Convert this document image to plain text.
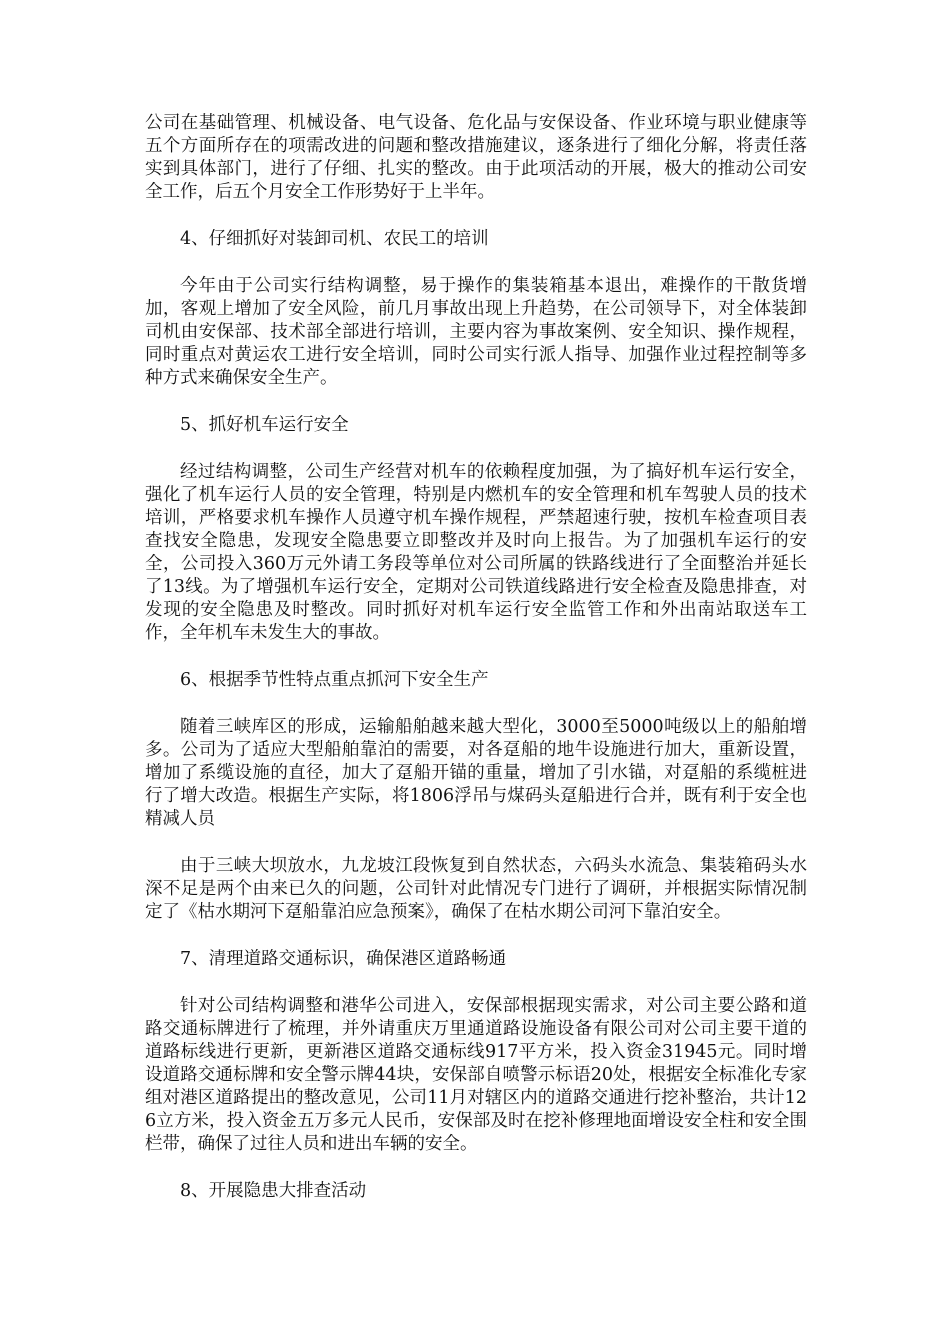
公司在基础管理、机械设备、电气设备、危化品与安保设备、作业环境与职业健康等五个方面所存在的项需改进的问题和整改措施建议，逐条进行了细化分解，将责任落实到具体部门，进行了仔细、扎实的整改。由于此项活动的开展，极大的推动公司安全工作，后五个月安全工作形势好于上半年。

4、仔细抓好对装卸司机、农民工的培训

今年由于公司实行结构调整，易于操作的集装箱基本退出，难操作的干散货增加，客观上增加了安全风险，前几月事故出现上升趋势，在公司领导下，对全体装卸司机由安保部、技术部全部进行培训，主要内容为事故案例、安全知识、操作规程，同时重点对黄运农工进行安全培训，同时公司实行派人指导、加强作业过程控制等多种方式来确保安全生产。

5、抓好机车运行安全

经过结构调整，公司生产经营对机车的依赖程度加强，为了搞好机车运行安全，强化了机车运行人员的安全管理，特别是内燃机车的安全管理和机车驾驶人员的技术培训，严格要求机车操作人员遵守机车操作规程，严禁超速行驶，按机车检查项目表查找安全隐患，发现安全隐患要立即整改并及时向上报告。为了加强机车运行的安全，公司投入360万元外请工务段等单位对公司所属的铁路线进行了全面整治并延长了13线。为了增强机车运行安全，定期对公司铁道线路进行安全检查及隐患排查，对发现的安全隐患及时整改。同时抓好对机车运行安全监管工作和外出南站取送车工作，全年机车未发生大的事故。

6、根据季节性特点重点抓河下安全生产

随着三峡库区的形成，运输船舶越来越大型化，3000至5000吨级以上的船舶增多。公司为了适应大型船舶靠泊的需要，对各趸船的地牛设施进行加大，重新设置，增加了系缆设施的直径，加大了趸船开锚的重量，增加了引水锚，对趸船的系缆桩进行了增大改造。根据生产实际，将1806浮吊与煤码头趸船进行合并，既有利于安全也精减人员

由于三峡大坝放水，九龙坡江段恢复到自然状态，六码头水流急、集装箱码头水深不足是两个由来已久的问题，公司针对此情况专门进行了调研，并根据实际情况制定了《枯水期河下趸船靠泊应急预案》，确保了在枯水期公司河下靠泊安全。

7、清理道路交通标识，确保港区道路畅通

针对公司结构调整和港华公司进入，安保部根据现实需求，对公司主要公路和道路交通标牌进行了梳理，并外请重庆万里通道路设施设备有限公司对公司主要干道的道路标线进行更新，更新港区道路交通标线917平方米，投入资金31945元。同时增设道路交通标牌和安全警示牌44块，安保部自喷警示标语20处，根据安全标准化专家组对港区道路提出的整改意见，公司11月对辖区内的道路交通进行挖补整治，共计126立方米，投入资金五万多元人民币，安保部及时在挖补修理地面增设安全柱和安全围栏带，确保了过往人员和进出车辆的安全。

8、开展隐患大排查活动
